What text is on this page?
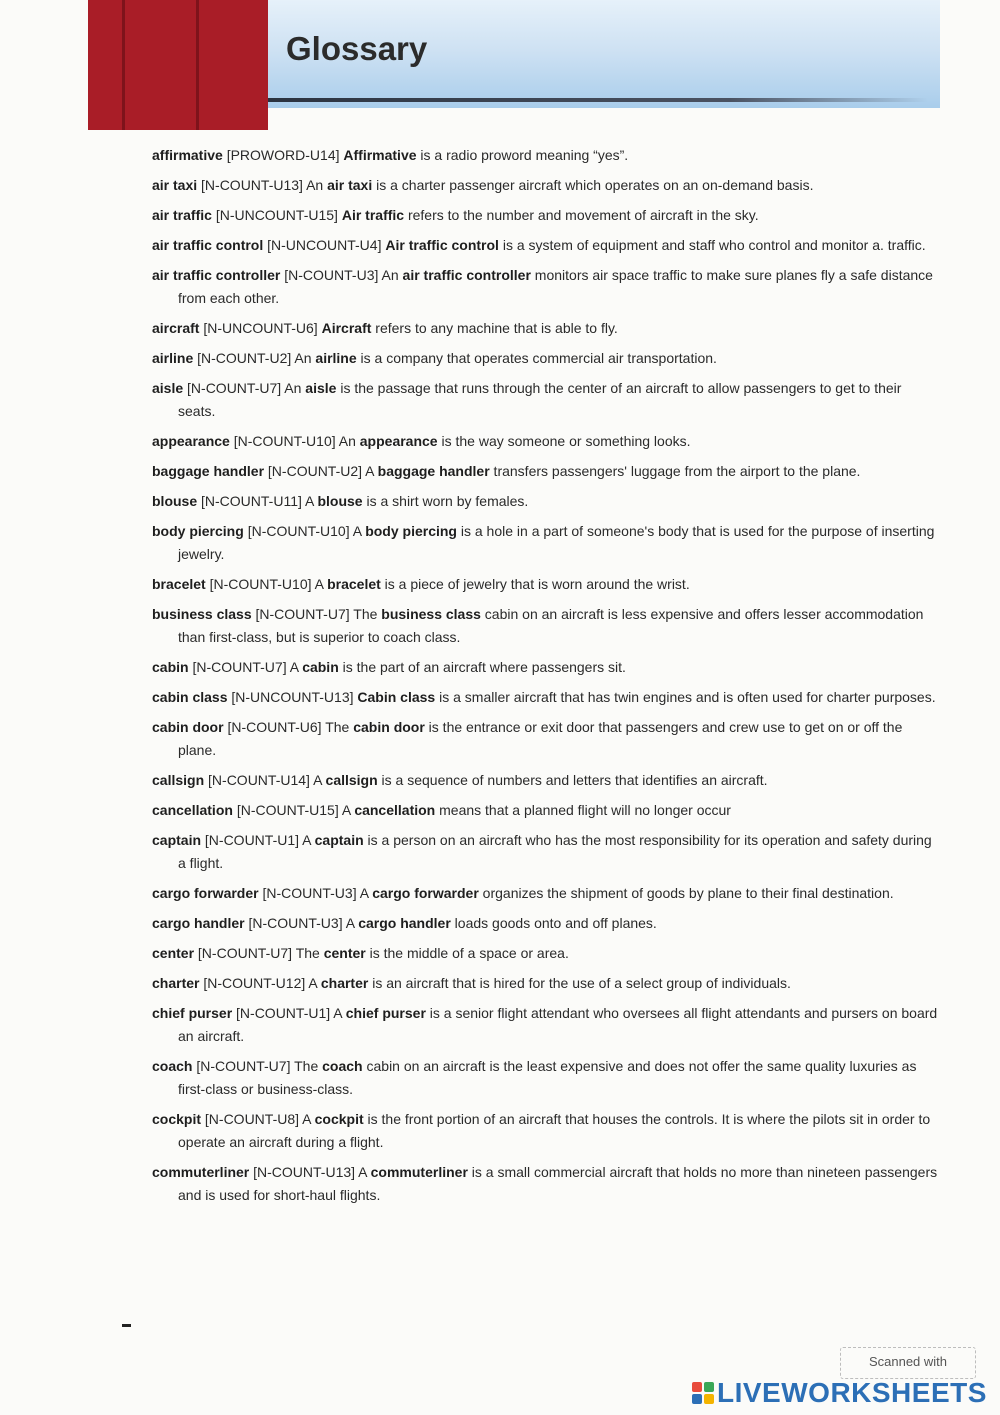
Glossary

affirmative [PROWORD-U14] Affirmative is a radio proword meaning “yes”.

air taxi [N-COUNT-U13] An air taxi is a charter passenger aircraft which operates on an on-demand basis.

air traffic [N-UNCOUNT-U15] Air traffic refers to the number and movement of aircraft in the sky.

air traffic control [N-UNCOUNT-U4] Air traffic control is a system of equipment and staff who control and monitor a. traffic.

air traffic controller [N-COUNT-U3] An air traffic controller monitors air space traffic to make sure planes fly a safe distance from each other.

aircraft [N-UNCOUNT-U6] Aircraft refers to any machine that is able to fly.

airline [N-COUNT-U2] An airline is a company that operates commercial air transportation.

aisle [N-COUNT-U7] An aisle is the passage that runs through the center of an aircraft to allow passengers to get to their seats.

appearance [N-COUNT-U10] An appearance is the way someone or something looks.

baggage handler [N-COUNT-U2] A baggage handler transfers passengers' luggage from the airport to the plane.

blouse [N-COUNT-U11] A blouse is a shirt worn by females.

body piercing [N-COUNT-U10] A body piercing is a hole in a part of someone's body that is used for the purpose of inserting jewelry.

bracelet [N-COUNT-U10] A bracelet is a piece of jewelry that is worn around the wrist.

business class [N-COUNT-U7] The business class cabin on an aircraft is less expensive and offers lesser accommodation than first-class, but is superior to coach class.

cabin [N-COUNT-U7] A cabin is the part of an aircraft where passengers sit.

cabin class [N-UNCOUNT-U13] Cabin class is a smaller aircraft that has twin engines and is often used for charter purposes.

cabin door [N-COUNT-U6] The cabin door is the entrance or exit door that passengers and crew use to get on or off the plane.

callsign [N-COUNT-U14] A callsign is a sequence of numbers and letters that identifies an aircraft.

cancellation [N-COUNT-U15] A cancellation means that a planned flight will no longer occur

captain [N-COUNT-U1] A captain is a person on an aircraft who has the most responsibility for its operation and safety during a flight.

cargo forwarder [N-COUNT-U3] A cargo forwarder organizes the shipment of goods by plane to their final destination.

cargo handler [N-COUNT-U3] A cargo handler loads goods onto and off planes.

center [N-COUNT-U7] The center is the middle of a space or area.

charter [N-COUNT-U12] A charter is an aircraft that is hired for the use of a select group of individuals.

chief purser [N-COUNT-U1] A chief purser is a senior flight attendant who oversees all flight attendants and pursers on board an aircraft.

coach [N-COUNT-U7] The coach cabin on an aircraft is the least expensive and does not offer the same quality luxuries as first-class or business-class.

cockpit [N-COUNT-U8] A cockpit is the front portion of an aircraft that houses the controls. It is where the pilots sit in order to operate an aircraft during a flight.

commuterliner [N-COUNT-U13] A commuterliner is a small commercial aircraft that holds no more than nineteen passengers and is used for short-haul flights.

Scanned with
LIVEWORKSHEETS
